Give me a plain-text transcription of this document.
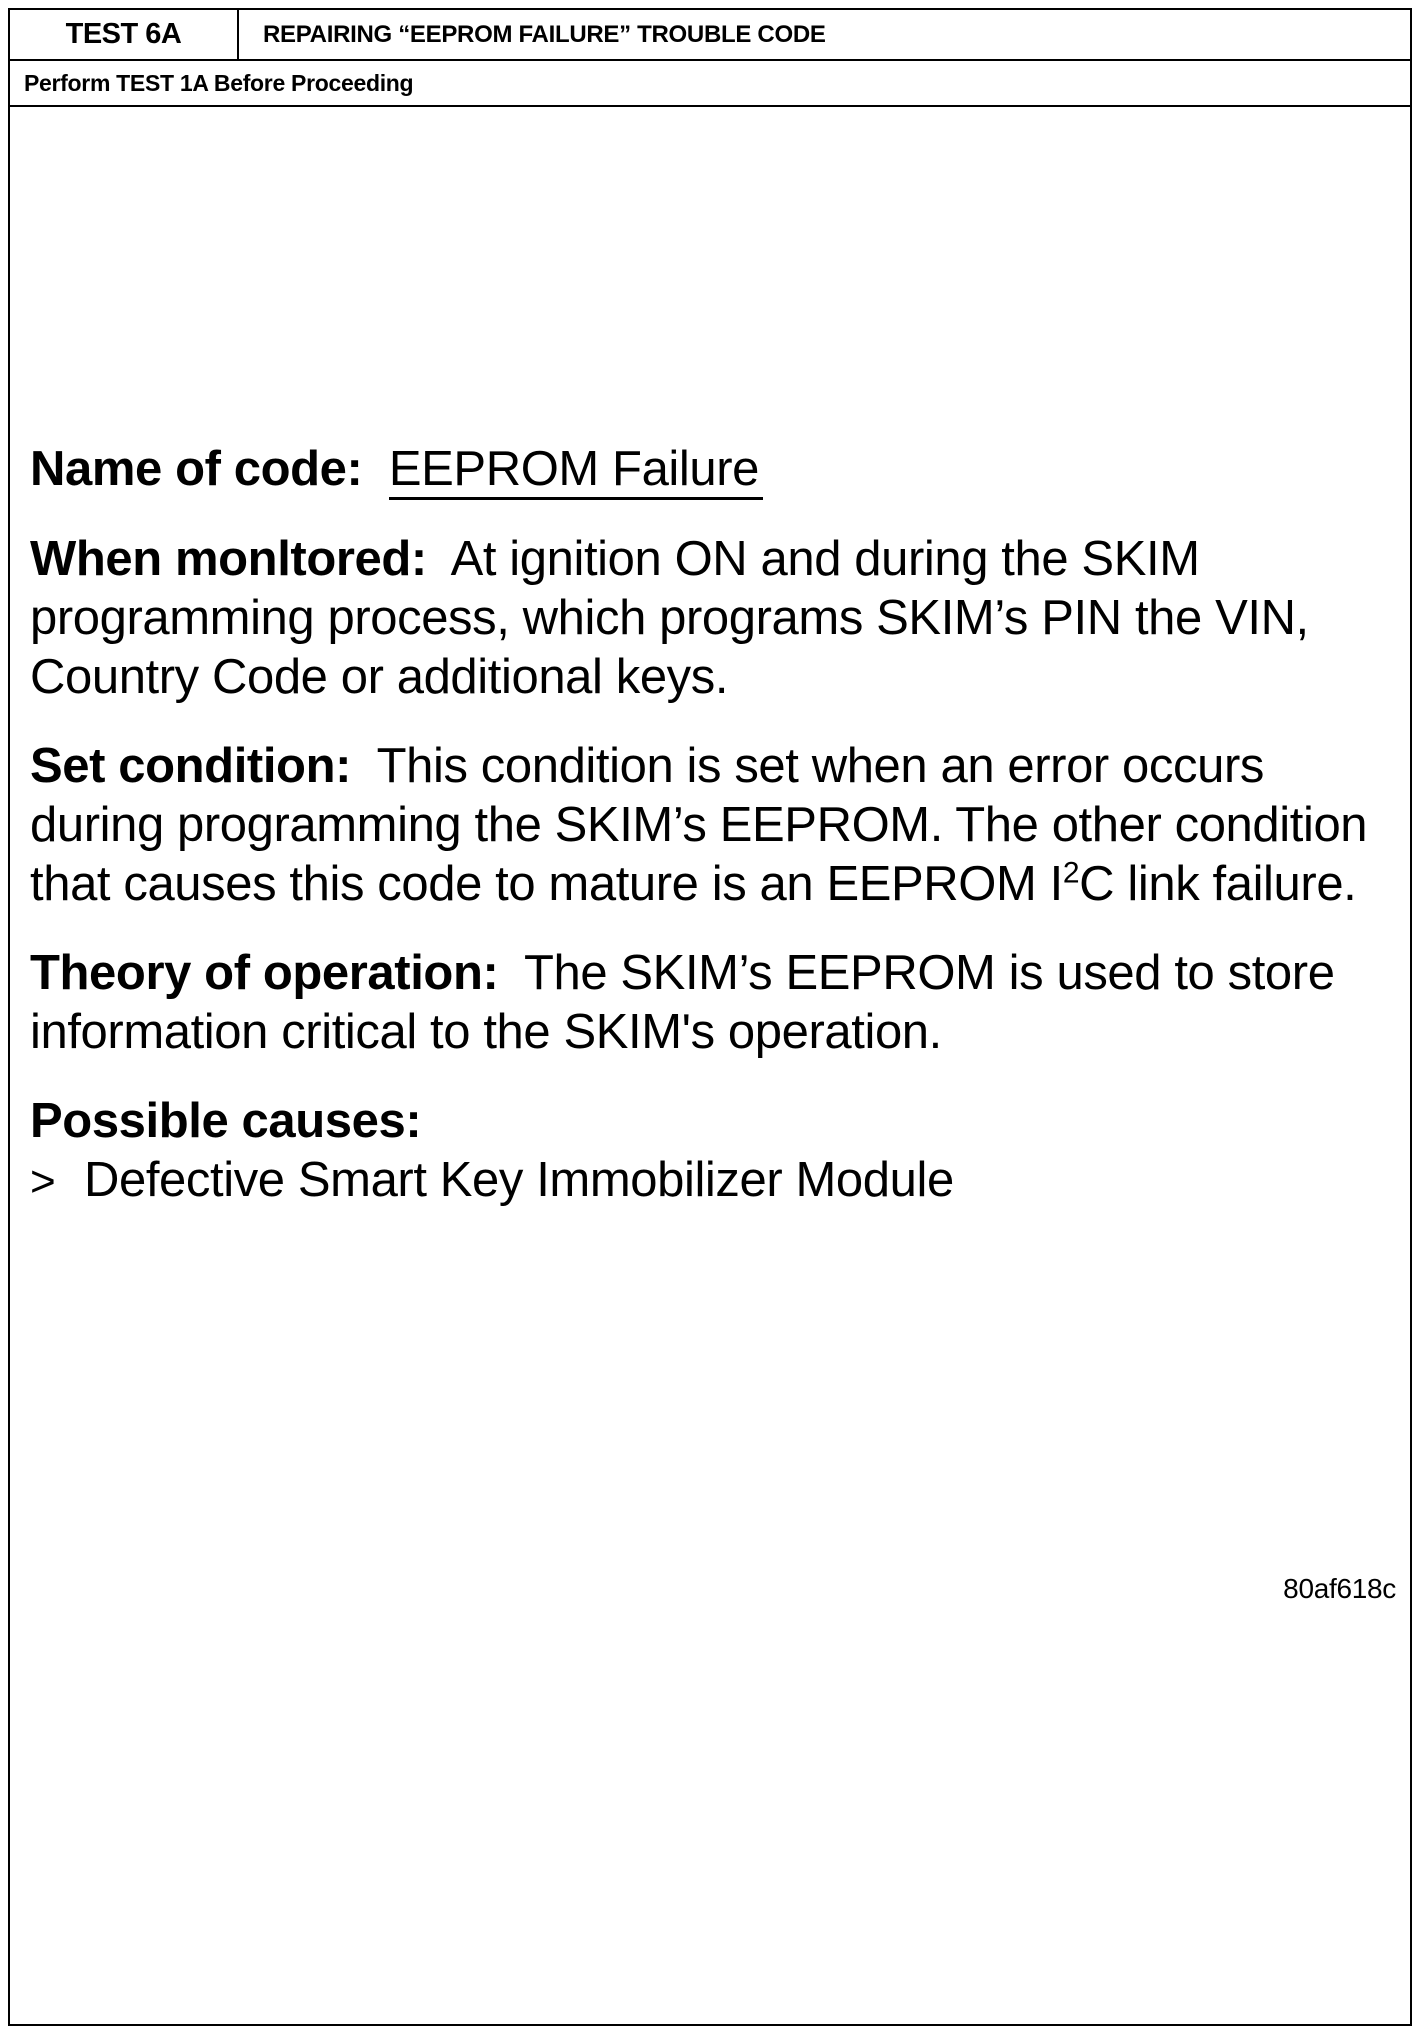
TEST 6A	REPAIRING “EEPROM FAILURE” TROUBLE CODE
Perform TEST 1A Before Proceeding

Name of code: EEPROM Failure

When monltored: At ignition ON and during the SKIM programming process, which programs SKIM’s PIN the VIN, Country Code or additional keys.

Set condition: This condition is set when an error occurs during programming the SKIM’s EEPROM. The other condition that causes this code to mature is an EEPROM $I^2C$ link failure.

Theory of operation: The SKIM’s EEPROM is used to store information critical to the SKIM's operation.

Possible causes:

> Defective Smart Key Immobilizer Module

80af618c
